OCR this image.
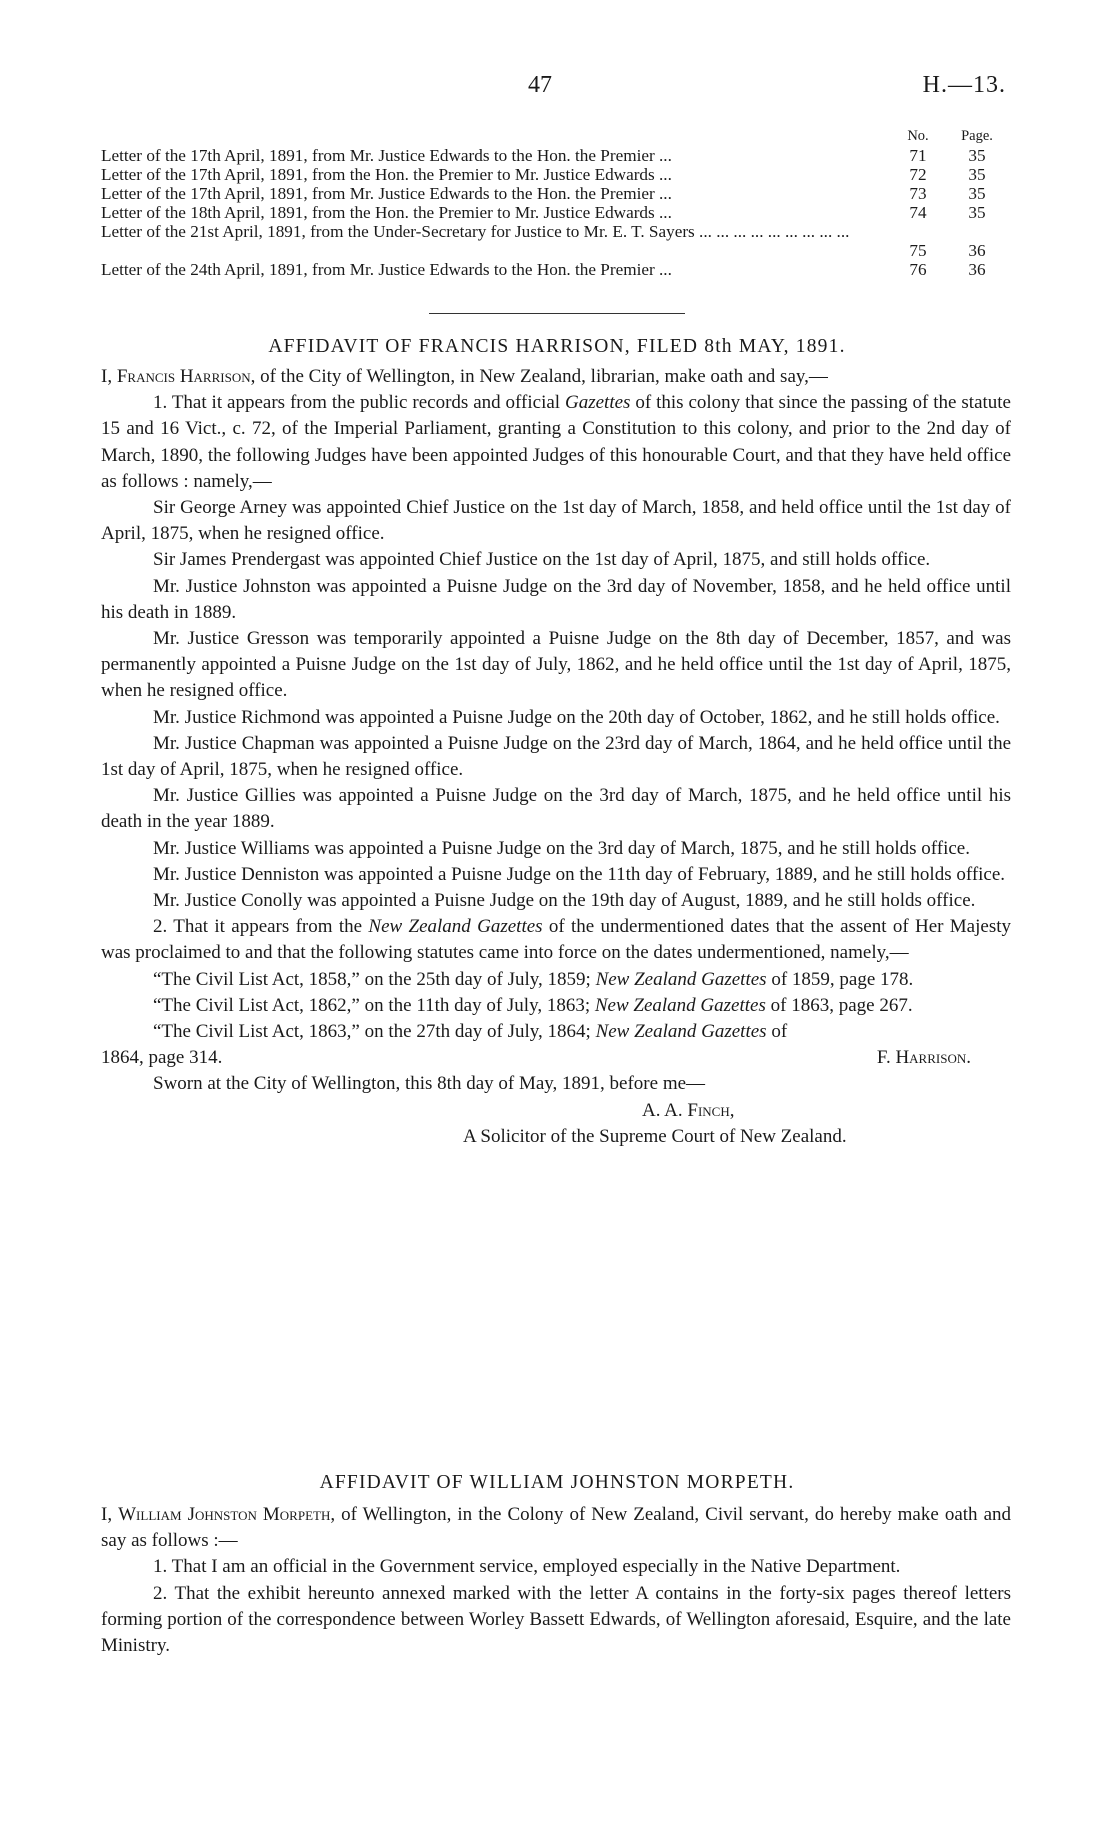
47	H.—13.
No.	Page.
Letter of the 17th April, 1891, from Mr. Justice Edwards to the Hon. the Premier ...	71	35
Letter of the 17th April, 1891, from the Hon. the Premier to Mr. Justice Edwards ...	72	35
Letter of the 17th April, 1891, from Mr. Justice Edwards to the Hon. the Premier ...	73	35
Letter of the 18th April, 1891, from the Hon. the Premier to Mr. Justice Edwards ...	74	35
Letter of the 21st April, 1891, from the Under-Secretary for Justice to Mr. E. T. Sayers ... ... ... ... ... ... ... ... ...
75	36
Letter of the 24th April, 1891, from Mr. Justice Edwards to the Hon. the Premier ...	76	36
AFFIDAVIT OF FRANCIS HARRISON, FILED 8th MAY, 1891.

I, Francis Harrison, of the City of Wellington, in New Zealand, librarian, make oath and say,—

1. That it appears from the public records and official Gazettes of this colony that since the passing of the statute 15 and 16 Vict., c. 72, of the Imperial Parliament, granting a Constitution to this colony, and prior to the 2nd day of March, 1890, the following Judges have been appointed Judges of this honourable Court, and that they have held office as follows : namely,—

Sir George Arney was appointed Chief Justice on the 1st day of March, 1858, and held office until the 1st day of April, 1875, when he resigned office.

Sir James Prendergast was appointed Chief Justice on the 1st day of April, 1875, and still holds office.

Mr. Justice Johnston was appointed a Puisne Judge on the 3rd day of November, 1858, and he held office until his death in 1889.

Mr. Justice Gresson was temporarily appointed a Puisne Judge on the 8th day of December, 1857, and was permanently appointed a Puisne Judge on the 1st day of July, 1862, and he held office until the 1st day of April, 1875, when he resigned office.

Mr. Justice Richmond was appointed a Puisne Judge on the 20th day of October, 1862, and he still holds office.

Mr. Justice Chapman was appointed a Puisne Judge on the 23rd day of March, 1864, and he held office until the 1st day of April, 1875, when he resigned office.

Mr. Justice Gillies was appointed a Puisne Judge on the 3rd day of March, 1875, and he held office until his death in the year 1889.

Mr. Justice Williams was appointed a Puisne Judge on the 3rd day of March, 1875, and he still holds office.

Mr. Justice Denniston was appointed a Puisne Judge on the 11th day of February, 1889, and he still holds office.

Mr. Justice Conolly was appointed a Puisne Judge on the 19th day of August, 1889, and he still holds office.

2. That it appears from the New Zealand Gazettes of the undermentioned dates that the assent of Her Majesty was proclaimed to and that the following statutes came into force on the dates undermentioned, namely,—

“The Civil List Act, 1858,” on the 25th day of July, 1859; New Zealand Gazettes of 1859, page 178.

“The Civil List Act, 1862,” on the 11th day of July, 1863; New Zealand Gazettes of 1863, page 267.

“The Civil List Act, 1863,” on the 27th day of July, 1864; New Zealand Gazettes of

1864, page 314.	F. Harrison.

Sworn at the City of Wellington, this 8th day of May, 1891, before me—

A. A. Finch,

A Solicitor of the Supreme Court of New Zealand.

AFFIDAVIT OF WILLIAM JOHNSTON MORPETH.

I, William Johnston Morpeth, of Wellington, in the Colony of New Zealand, Civil servant, do hereby make oath and say as follows :—

1. That I am an official in the Government service, employed especially in the Native Department.

2. That the exhibit hereunto annexed marked with the letter A contains in the forty-six pages thereof letters forming portion of the correspondence between Worley Bassett Edwards, of Wellington aforesaid, Esquire, and the late Ministry.
